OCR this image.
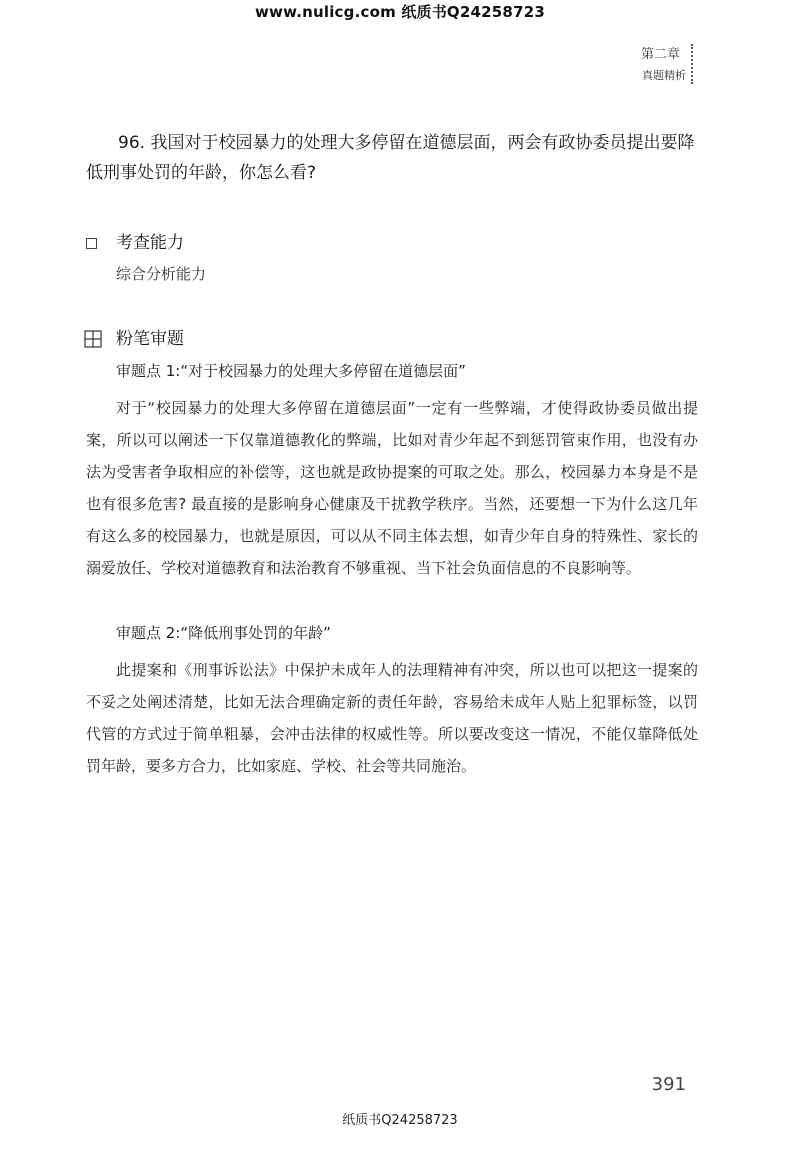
www.nulicg.com 纸质书Q24258723
第二章
真题精析
96. 我国对于校园暴力的处理大多停留在道德层面，两会有政协委员提出要降低刑事处罚的年龄，你怎么看?
考查能力
综合分析能力
粉笔审题
审题点 1:“对于校园暴力的处理大多停留在道德层面”
对于“校园暴力的处理大多停留在道德层面”一定有一些弊端，才使得政协委员做出提案，所以可以阐述一下仅靠道德教化的弊端，比如对青少年起不到惩罚管束作用，也没有办法为受害者争取相应的补偿等，这也就是政协提案的可取之处。那么，校园暴力本身是不是也有很多危害? 最直接的是影响身心健康及干扰教学秩序。当然，还要想一下为什么这几年有这么多的校园暴力，也就是原因，可以从不同主体去想，如青少年自身的特殊性、家长的溺爱放任、学校对道德教育和法治教育不够重视、当下社会负面信息的不良影响等。
审题点 2:“降低刑事处罚的年龄”
此提案和《刑事诉讼法》中保护未成年人的法理精神有冲突，所以也可以把这一提案的不妥之处阐述清楚，比如无法合理确定新的责任年龄，容易给未成年人贴上犯罪标签，以罚代管的方式过于简单粗暴，会冲击法律的权威性等。所以要改变这一情况，不能仅靠降低处罚年龄，要多方合力，比如家庭、学校、社会等共同施治。
391
纸质书Q24258723
